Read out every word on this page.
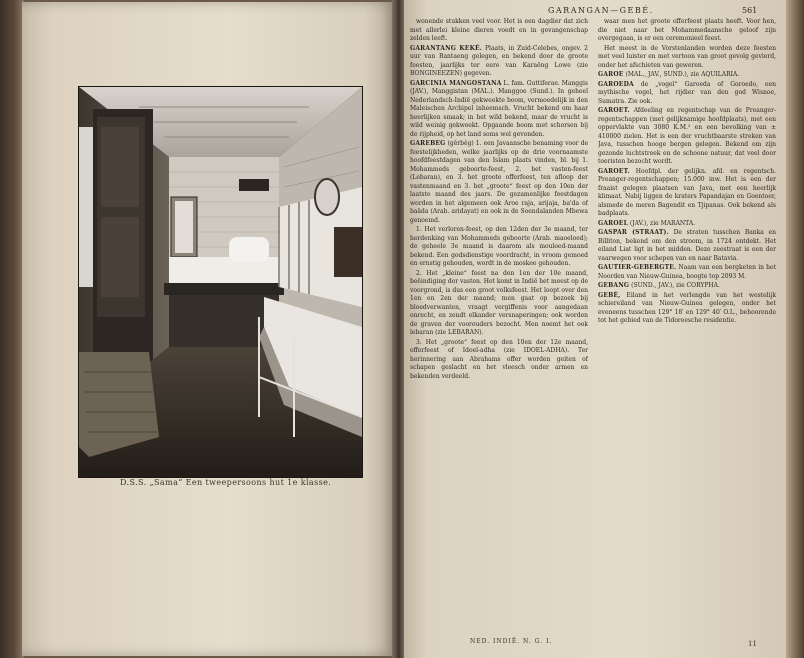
D.S.S. „Sama“ Een tweepersoons hut 1e klasse.
GARANGAN—GEBÉ.	561

wonende stukken veel voor. Het is een dagdier dat zich met allerlei kleine dieren voedt en in gevangenschap zelden leeft.

GARANTANG KEKÉ. Plaats, in Zuid-Celebes, ongev. 2 uur van Bantaeng gelegen, en bekend door de groote feesten, jaarlijks ter eere van Karaëng Lowe (zie BONGINEEZEN) gegeven.

GARCINIA MANGOSTANA L. fam. Guttiferae. Manggis (JAV.), Manggistan (MAL.). Manggoe (Sund.). In geheel Nederlandsch-Indië gekweekte boom, vermoedelijk in den Maleischen Archipel inheemsch. Vrucht bekend om haar heerlijken smaak; in het wild bekend, maar de vrucht is wild weinig gekweekt. Opgaande boom met schorsen bij de rijpheid, op het land soms wel gevonden.

GAREBEG (gĕrbĕg) 1. een Javaansche benaming voor de feestelijkheden, welke jaarlijks op de drie voornaamste hoofdfeestdagen van den Islam plaats vinden, bl. bij 1. Mohammeds geboorte-feest, 2. het vasten-feest (Lebaran), en 3. het groote offerfeest, ten afloop der vastenmaand en 3. het „groote“ feest op den 10en der laatste maand des jaars. De gezamenlijke feestdagen worden in het algemeen ook Aroe raja, arijaja, ba'da of baäda (Arab. aridayat) en ook in de Soendalanden Mbewa genoemd.

1. Het verloren-feest, op den 12den der 3e maand, ter herdenking van Mohammeds geboorte (Arab. maoeloed); de geheele 3e maand is daarom als mouloed-maand bekend. Een godsdienstige voordracht, in vroom gemoed en ernstig gehouden, wordt in de moskee gehouden.

2. Het „kleine“ feest na den 1en der 10e maand, beëindiging der vasten. Het komt in Indië het meest op de voorgrond, is dus een groot volksfeest. Het loopt over den 1en en 2en der maand; men gaat op bezoek bij bloedverwanten, vraagt vergiffenis voor aangedaan onrecht, en zendt elkander versnaperingen; ook worden de graven der voorouders bezocht. Men noemt het ook lebaran (zie LEBARAN).

3. Het „groote“ feest op den 10en der 12e maand, offerfeest of Idoel-adha (zie IDOEL-ADHA). Ter herinnering aan Abrahams offer worden geiten of schapen geslacht en het vleesch onder armen en bekenden verdeeld.

waar men het groote offerfeest plaats heeft. Voor hen, die niet naar het Mohammedaansche geloof zijn overgegaan, is er een ceremonieel feest.

Het meest in de Vorstenlanden worden deze feesten met veel luister en met vertoon van groot gevolg gevierd, onder het afschieten van geweren.

GAROE (MAL., JAV., SUND.), zie AQUILARIA.

GAROEDA de „vogel“ Garoeda of Goroedo, een mythische vogel, het rijdier van den god Wisnoe, Sumatra. Zie ook.

GAROET. Afdeeling en regentschap van de Preanger-regentschappen (met gelijknamige hoofdplaats), met een oppervlakte van 3080 K.M.² en een bevolking van ± 410000 zielen. Het is een der vruchtbaarste streken van Java, tusschen hooge bergen gelegen. Bekend om zijn gezonde luchtstreek en de schoone natuur, dat veel door toeristen bezocht wordt.

GAROET. Hoofdpl. der gelijkn. afd. en regentsch. Preanger-regentschappen; 15.000 inw. Het is een der fraaist gelegen plaatsen van Java, met een heerlijk klimaat. Nabij liggen de kraters Papandajan en Goentoer, alsmede de meren Bagendit en Tjipanas. Ook bekend als badplaats.

GAROEL (JAV.), zie MARANTA.

GASPAR (STRAAT). De straten tusschen Banka en Billiton, bekend om den stroom, in 1724 ontdekt. Het eiland Liat ligt in het midden. Deze zeestraat is een der vaarwegen voor schepen van en naar Batavia.

GAUTIER-GEBERGTE. Naam van een bergketen in het Noorden van Nieuw-Guinea, hoogte top 2093 M.

GEBANG (SUND., JAV.), zie CORYPHA.

GEBÉ, Eiland in het verlengde van het westelijk schiereiland van Nieuw-Guinea gelegen, onder het eveneens tusschen 129° 18′ en 129° 40′ O.L., behoorende tot het gebied van de Tidoreesche residentie.

NED. INDIË. N. G. I.	11
